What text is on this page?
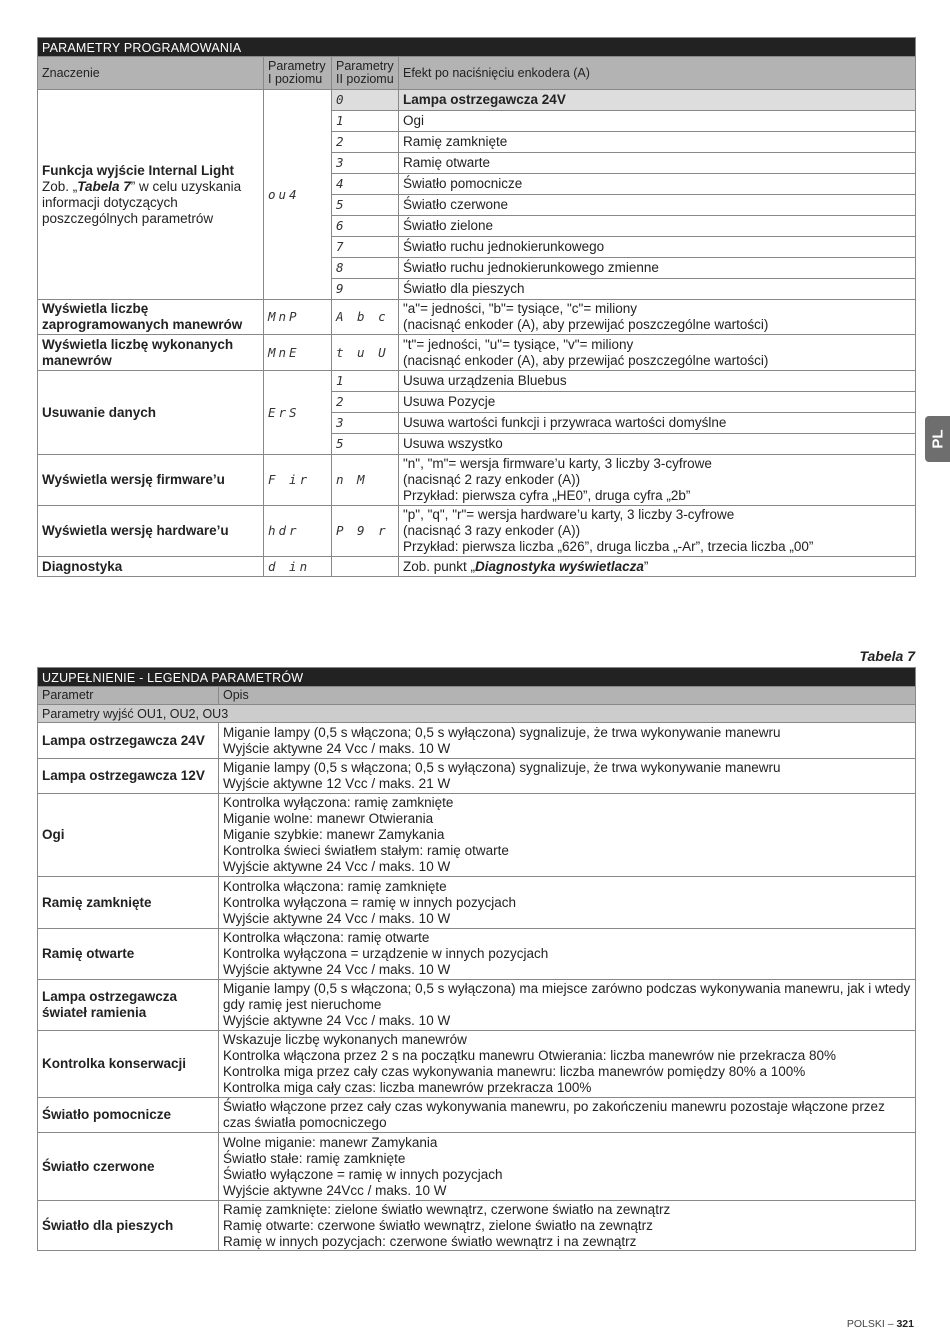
PARAMETRY PROGRAMOWANIA			
Znaczenie	Parametry I poziomu	Parametry II poziomu	Efekt po naciśnięciu enkodera (A)

Funkcja wyjście Internal Light
Zob. „Tabela 7” w celu uzyskania informacji dotyczących poszczególnych parametrów	ou4	0	Lampa ostrzegawcza 24V
		1	Ogi
		2	Ramię zamknięte
		3	Ramię otwarte
		4	Światło pomocnicze
		5	Światło czerwone
		6	Światło zielone
		7	Światło ruchu jednokierunkowego
		8	Światło ruchu jednokierunkowego zmienne
		9	Światło dla pieszych
Wyświetla liczbę zaprogramowanych manewrów	MnP	A b c	"a"= jedności, "b"= tysiące, "c"= miliony
(nacisnąć enkoder (A), aby przewijać poszczególne wartości)
Wyświetla liczbę wykonanych manewrów	MnE	t u U	"t"= jedności, "u"= tysiące, "v"= miliony
(nacisnąć enkoder (A), aby przewijać poszczególne wartości)
Usuwanie danych	ErS	1	Usuwa urządzenia Bluebus
		2	Usuwa Pozycje
		3	Usuwa wartości funkcji i przywraca wartości domyślne
		5	Usuwa wszystko
Wyświetla wersję firmware’u	F ir	n M	"n", "m"= wersja firmware’u karty, 3 liczby 3-cyfrowe
(nacisnąć 2 razy enkoder (A))
Przykład: pierwsza cyfra „HE0”, druga cyfra „2b”
Wyświetla wersję hardware’u	hdr	P 9 r	"p", "q", "r"= wersja hardware’u karty, 3 liczby 3-cyfrowe
(nacisnąć 3 razy enkoder (A))
Przykład: pierwsza liczba „626”, druga liczba „-Ar”, trzecia liczba „00”
Diagnostyka	d in		Zob. punkt „Diagnostyka wyświetlacza”
PL
Tabela 7
UZUPEŁNIENIE - LEGENDA PARAMETRÓW	
Parametr	Opis
Parametry wyjść OU1, OU2, OU3	
Lampa ostrzegawcza 24V	Miganie lampy (0,5 s włączona; 0,5 s wyłączona) sygnalizuje, że trwa wykonywanie manewru
Wyjście aktywne 24 Vcc / maks. 10 W
Lampa ostrzegawcza 12V	Miganie lampy (0,5 s włączona; 0,5 s wyłączona) sygnalizuje, że trwa wykonywanie manewru
Wyjście aktywne 12 Vcc / maks. 21 W
Ogi	Kontrolka wyłączona: ramię zamknięte
Miganie wolne: manewr Otwierania
Miganie szybkie: manewr Zamykania
Kontrolka świeci światłem stałym: ramię otwarte
Wyjście aktywne 24 Vcc / maks. 10 W
Ramię zamknięte	Kontrolka włączona: ramię zamknięte
Kontrolka wyłączona = ramię w innych pozycjach
Wyjście aktywne 24 Vcc / maks. 10 W
Ramię otwarte	Kontrolka włączona: ramię otwarte
Kontrolka wyłączona = urządzenie w innych pozycjach
Wyjście aktywne 24 Vcc / maks. 10 W
Lampa ostrzegawcza świateł ramienia	Miganie lampy (0,5 s włączona; 0,5 s wyłączona) ma miejsce zarówno podczas wykonywania manewru, jak i wtedy gdy ramię jest nieruchome
Wyjście aktywne 24 Vcc / maks. 10 W
Kontrolka konserwacji	Wskazuje liczbę wykonanych manewrów
Kontrolka włączona przez 2 s na początku manewru Otwierania: liczba manewrów nie przekracza 80%
Kontrolka miga przez cały czas wykonywania manewru: liczba manewrów pomiędzy 80% a 100%
Kontrolka miga cały czas: liczba manewrów przekracza 100%
Światło pomocnicze	Światło włączone przez cały czas wykonywania manewru, po zakończeniu manewru pozostaje włączone przez czas światła pomocniczego
Światło czerwone	Wolne miganie: manewr Zamykania
Światło stałe: ramię zamknięte
Światło wyłączone = ramię w innych pozycjach
Wyjście aktywne 24Vcc / maks. 10 W
Światło dla pieszych	Ramię zamknięte: zielone światło wewnątrz, czerwone światło na zewnątrz
Ramię otwarte: czerwone światło wewnątrz, zielone światło na zewnątrz
Ramię w innych pozycjach: czerwone światło wewnątrz i na zewnątrz
POLSKI – 321
